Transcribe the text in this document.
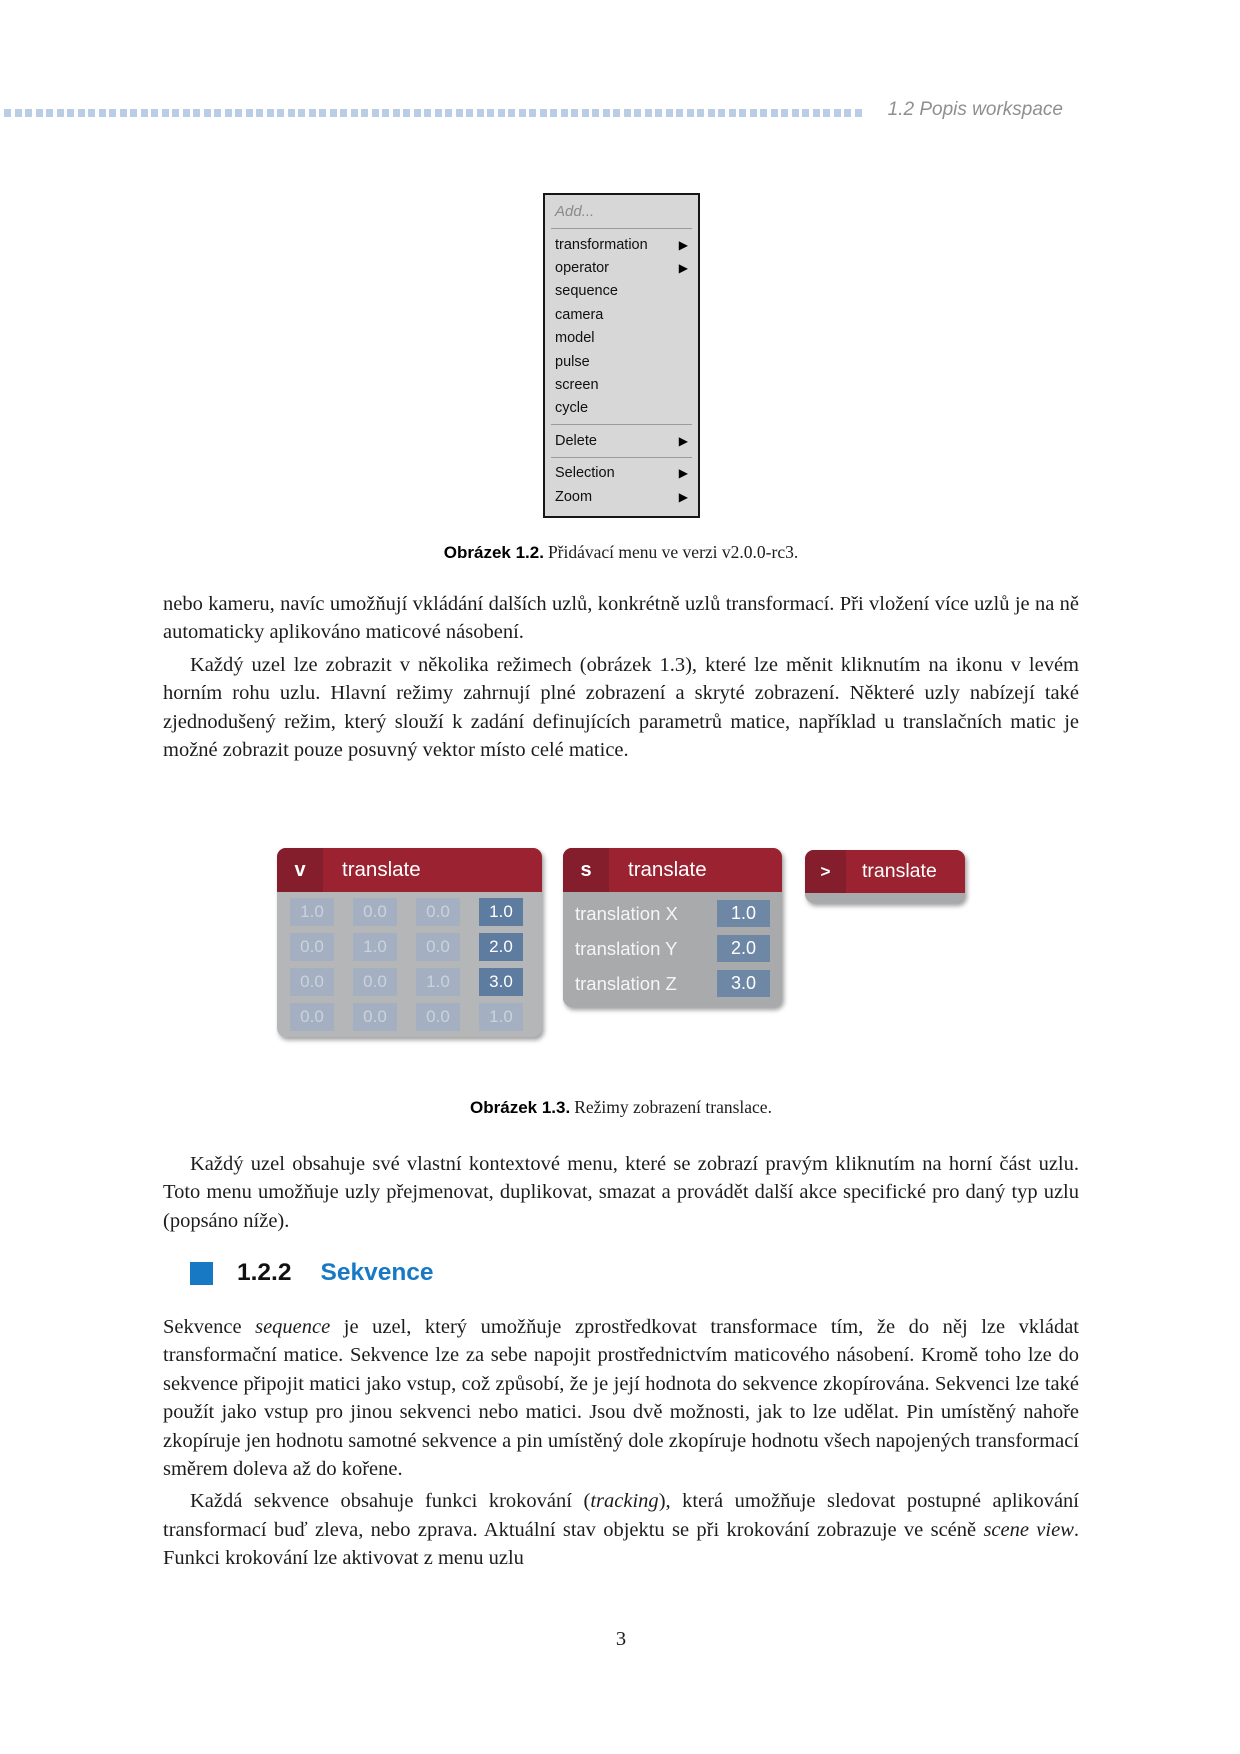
1.2 Popis workspace
Add...
transformation	▶
operator	▶
sequence
camera
model
pulse
screen
cycle
Delete	▶
Selection	▶
Zoom	▶
Obrázek 1.2. Přidávací menu ve verzi v2.0.0-rc3.

nebo kameru, navíc umožňují vkládání dalších uzlů, konkrétně uzlů transformací. Při vložení více uzlů je na ně automaticky aplikováno maticové násobení.

Každý uzel lze zobrazit v několika režimech (obrázek 1.3), které lze měnit kliknutím na ikonu v levém horním rohu uzlu. Hlavní režimy zahrnují plné zobrazení a skryté zobrazení. Některé uzly nabízejí také zjednodušený režim, který slouží k zadání definujících parametrů matice, například u translačních matic je možné zobrazit pouze posuvný vektor místo celé matice.

v	translate
1.0	0.0	0.0	1.0
0.0	1.0	0.0	2.0
0.0	0.0	1.0	3.0
0.0	0.0	0.0	1.0
s	translate
translation X	1.0
translation Y	2.0
translation Z	3.0
>	translate
Obrázek 1.3. Režimy zobrazení translace.

Každý uzel obsahuje své vlastní kontextové menu, které se zobrazí pravým kliknutím na horní část uzlu. Toto menu umožňuje uzly přejmenovat, duplikovat, smazat a provádět další akce specifické pro daný typ uzlu (popsáno níže).

1.2.2 Sekvence

Sekvence sequence je uzel, který umožňuje zprostředkovat transformace tím, že do něj lze vkládat transformační matice. Sekvence lze za sebe napojit prostřednictvím maticového násobení. Kromě toho lze do sekvence připojit matici jako vstup, což způsobí, že je její hodnota do sekvence zkopírována. Sekvenci lze také použít jako vstup pro jinou sekvenci nebo matici. Jsou dvě možnosti, jak to lze udělat. Pin umístěný nahoře zkopíruje jen hodnotu samotné sekvence a pin umístěný dole zkopíruje hodnotu všech napojených transformací směrem doleva až do kořene.

Každá sekvence obsahuje funkci krokování (tracking), která umožňuje sledovat postupné aplikování transformací buď zleva, nebo zprava. Aktuální stav objektu se při krokování zobrazuje ve scéně scene view. Funkci krokování lze aktivovat z menu uzlu

3
